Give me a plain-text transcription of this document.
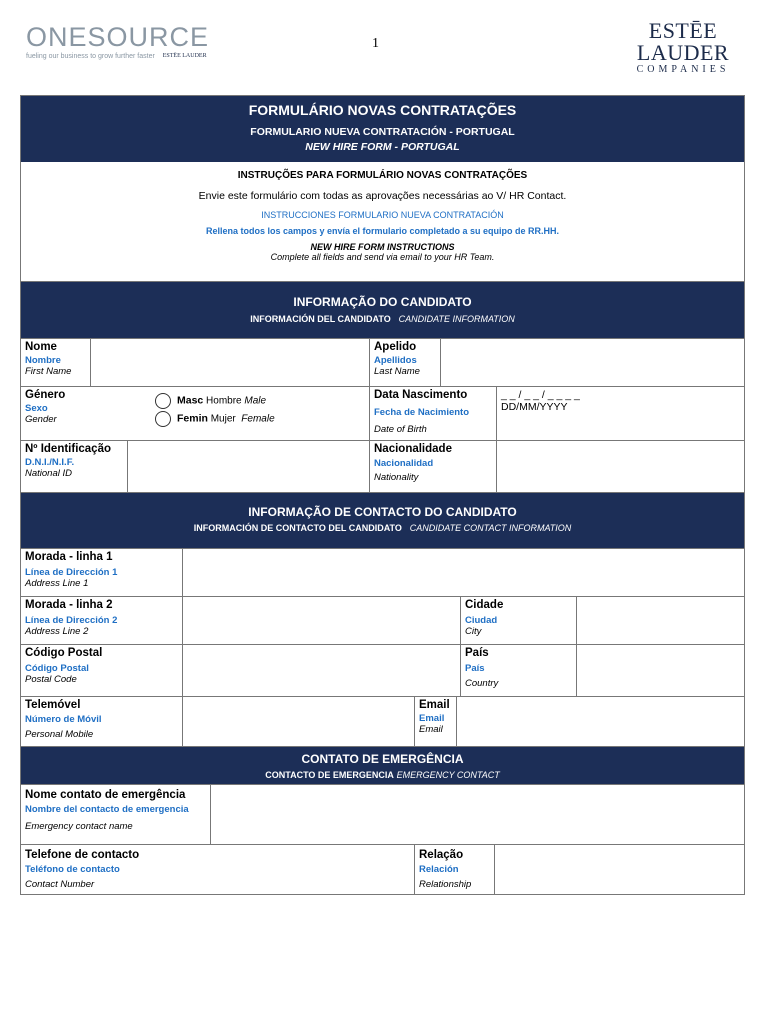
ONESOURCE
fueling our business to grow further faster ESTĒE LAUDER
1
ESTĒE
LAUDER
COMPANIES
FORMULÁRIO NOVAS CONTRATAÇÕES
FORMULARIO NUEVA CONTRATACIÓN - PORTUGAL
NEW HIRE FORM - PORTUGAL
INSTRUÇÕES PARA FORMULÁRIO NOVAS CONTRATAÇÕES
Envie este formulário com todas as aprovações necessárias ao V/ HR Contact.
INSTRUCCIONES FORMULARIO NUEVA CONTRATACIÓN
Rellena todos los campos y envía el formulario completado a su equipo de RR.HH.
NEW HIRE FORM INSTRUCTIONS
Complete all fields and send via email to your HR Team.
INFORMAÇÃO DO CANDIDATO
INFORMACIÓN DEL CANDIDATO CANDIDATE INFORMATION
Nome
Nombre
First Name
Apelido
Apellidos
Last Name
Género
Sexo
Gender
Masc Hombre Male
Femin Mujer Female
Data Nascimento
Fecha de Nacimiento
Date of Birth
_ _ / _ _ / _ _ _ _
DD/MM/YYYY
Nº Identificação
D.N.I./N.I.F.
National ID
Nacionalidade
Nacionalidad
Nationality
INFORMAÇÃO DE CONTACTO DO CANDIDATO
INFORMACIÓN DE CONTACTO DEL CANDIDATO CANDIDATE CONTACT INFORMATION
Morada - linha 1
Línea de Dirección 1
Address Line 1
Morada - linha 2
Línea de Dirección 2
Address Line 2
Cidade
Ciudad
City
Código Postal
Código Postal
Postal Code
País
País
Country
Telemóvel
Número de Móvil
Personal Mobile
Email
Email
Email
CONTATO DE EMERGÊNCIA
CONTACTO DE EMERGENCIA EMERGENCY CONTACT
Nome contato de emergência
Nombre del contacto de emergencia
Emergency contact name
Telefone de contacto
Teléfono de contacto
Contact Number
Relação
Relación
Relationship
